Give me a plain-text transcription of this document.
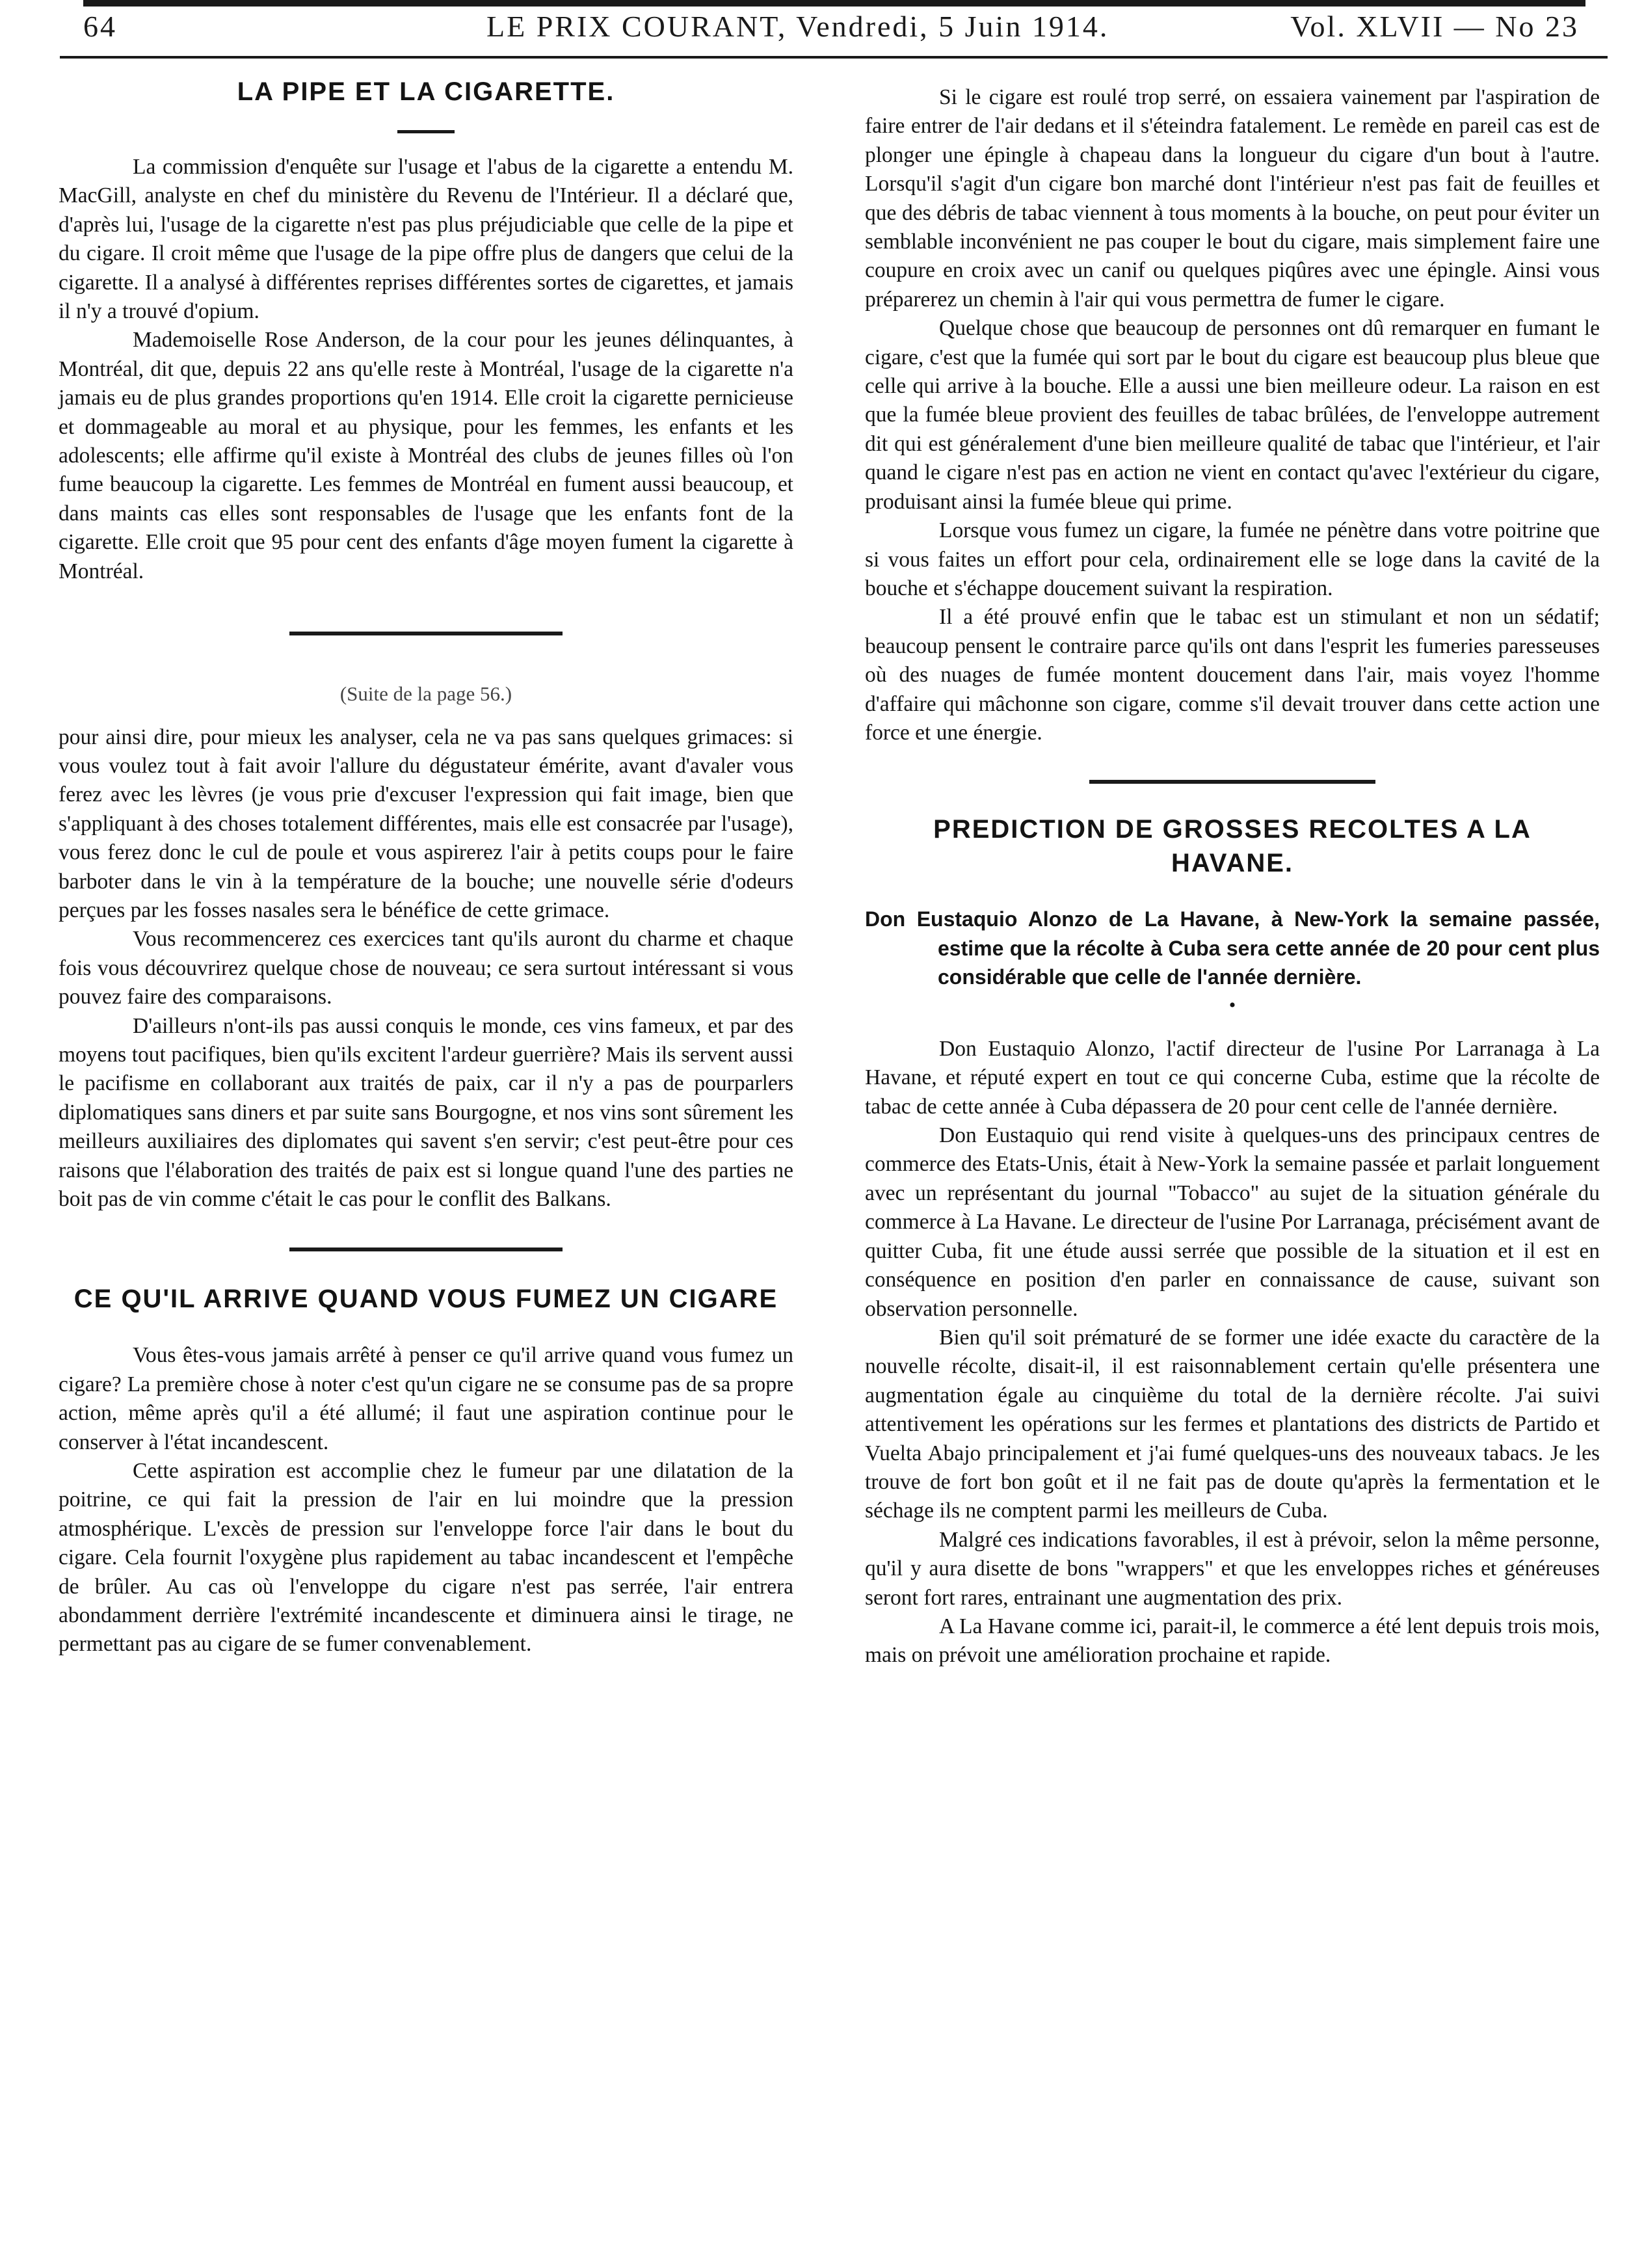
64	LE PRIX COURANT, Vendredi, 5 Juin 1914.	Vol. XLVII — No 23
LA PIPE ET LA CIGARETTE.

La commission d'enquête sur l'usage et l'abus de la cigarette a entendu M. MacGill, analyste en chef du ministère du Revenu de l'Intérieur. Il a déclaré que, d'après lui, l'usage de la cigarette n'est pas plus préjudiciable que celle de la pipe et du cigare. Il croit même que l'usage de la pipe offre plus de dangers que celui de la cigarette. Il a analysé à différentes reprises différentes sortes de cigarettes, et jamais il n'y a trouvé d'opium.

Mademoiselle Rose Anderson, de la cour pour les jeunes délinquantes, à Montréal, dit que, depuis 22 ans qu'elle reste à Montréal, l'usage de la cigarette n'a jamais eu de plus grandes proportions qu'en 1914. Elle croit la cigarette pernicieuse et dommageable au moral et au physique, pour les femmes, les enfants et les adolescents; elle affirme qu'il existe à Montréal des clubs de jeunes filles où l'on fume beaucoup la cigarette. Les femmes de Montréal en fument aussi beaucoup, et dans maints cas elles sont responsables de l'usage que les enfants font de la cigarette. Elle croit que 95 pour cent des enfants d'âge moyen fument la cigarette à Montréal.

(Suite de la page 56.)

pour ainsi dire, pour mieux les analyser, cela ne va pas sans quelques grimaces: si vous voulez tout à fait avoir l'allure du dégustateur émérite, avant d'avaler vous ferez avec les lèvres (je vous prie d'excuser l'expression qui fait image, bien que s'appliquant à des choses totalement différentes, mais elle est consacrée par l'usage), vous ferez donc le cul de poule et vous aspirerez l'air à petits coups pour le faire barboter dans le vin à la température de la bouche; une nouvelle série d'odeurs perçues par les fosses nasales sera le bénéfice de cette grimace.

Vous recommencerez ces exercices tant qu'ils auront du charme et chaque fois vous découvrirez quelque chose de nouveau; ce sera surtout intéressant si vous pouvez faire des comparaisons.

D'ailleurs n'ont-ils pas aussi conquis le monde, ces vins fameux, et par des moyens tout pacifiques, bien qu'ils excitent l'ardeur guerrière? Mais ils servent aussi le pacifisme en collaborant aux traités de paix, car il n'y a pas de pourparlers diplomatiques sans diners et par suite sans Bourgogne, et nos vins sont sûrement les meilleurs auxiliaires des diplomates qui savent s'en servir; c'est peut-être pour ces raisons que l'élaboration des traités de paix est si longue quand l'une des parties ne boit pas de vin comme c'était le cas pour le conflit des Balkans.

CE QU'IL ARRIVE QUAND VOUS FUMEZ UN CIGARE

Vous êtes-vous jamais arrêté à penser ce qu'il arrive quand vous fumez un cigare? La première chose à noter c'est qu'un cigare ne se consume pas de sa propre action, même après qu'il a été allumé; il faut une aspiration continue pour le conserver à l'état incandescent.

Cette aspiration est accomplie chez le fumeur par une dilatation de la poitrine, ce qui fait la pression de l'air en lui moindre que la pression atmosphérique. L'excès de pression sur l'enveloppe force l'air dans le bout du cigare. Cela fournit l'oxygène plus rapidement au tabac incandescent et l'empêche de brûler. Au cas où l'enveloppe du cigare n'est pas serrée, l'air entrera abondamment derrière l'extrémité incandescente et diminuera ainsi le tirage, ne permettant pas au cigare de se fumer convenablement.

Si le cigare est roulé trop serré, on essaiera vainement par l'aspiration de faire entrer de l'air dedans et il s'éteindra fatalement. Le remède en pareil cas est de plonger une épingle à chapeau dans la longueur du cigare d'un bout à l'autre. Lorsqu'il s'agit d'un cigare bon marché dont l'intérieur n'est pas fait de feuilles et que des débris de tabac viennent à tous moments à la bouche, on peut pour éviter un semblable inconvénient ne pas couper le bout du cigare, mais simplement faire une coupure en croix avec un canif ou quelques piqûres avec une épingle. Ainsi vous préparerez un chemin à l'air qui vous permettra de fumer le cigare.

Quelque chose que beaucoup de personnes ont dû remarquer en fumant le cigare, c'est que la fumée qui sort par le bout du cigare est beaucoup plus bleue que celle qui arrive à la bouche. Elle a aussi une bien meilleure odeur. La raison en est que la fumée bleue provient des feuilles de tabac brûlées, de l'enveloppe autrement dit qui est généralement d'une bien meilleure qualité de tabac que l'intérieur, et l'air quand le cigare n'est pas en action ne vient en contact qu'avec l'extérieur du cigare, produisant ainsi la fumée bleue qui prime.

Lorsque vous fumez un cigare, la fumée ne pénètre dans votre poitrine que si vous faites un effort pour cela, ordinairement elle se loge dans la cavité de la bouche et s'échappe doucement suivant la respiration.

Il a été prouvé enfin que le tabac est un stimulant et non un sédatif; beaucoup pensent le contraire parce qu'ils ont dans l'esprit les fumeries paresseuses où des nuages de fumée montent doucement dans l'air, mais voyez l'homme d'affaire qui mâchonne son cigare, comme s'il devait trouver dans cette action une force et une énergie.

PREDICTION DE GROSSES RECOLTES A LA HAVANE.

Don Eustaquio Alonzo de La Havane, à New-York la semaine passée, estime que la récolte à Cuba sera cette année de 20 pour cent plus considérable que celle de l'année dernière.

•

Don Eustaquio Alonzo, l'actif directeur de l'usine Por Larranaga à La Havane, et réputé expert en tout ce qui concerne Cuba, estime que la récolte de tabac de cette année à Cuba dépassera de 20 pour cent celle de l'année dernière.

Don Eustaquio qui rend visite à quelques-uns des principaux centres de commerce des Etats-Unis, était à New-York la semaine passée et parlait longuement avec un représentant du journal "Tobacco" au sujet de la situation générale du commerce à La Havane. Le directeur de l'usine Por Larranaga, précisément avant de quitter Cuba, fit une étude aussi serrée que possible de la situation et il est en conséquence en position d'en parler en connaissance de cause, suivant son observation personnelle.

Bien qu'il soit prématuré de se former une idée exacte du caractère de la nouvelle récolte, disait-il, il est raisonnablement certain qu'elle présentera une augmentation égale au cinquième du total de la dernière récolte. J'ai suivi attentivement les opérations sur les fermes et plantations des districts de Partido et Vuelta Abajo principalement et j'ai fumé quelques-uns des nouveaux tabacs. Je les trouve de fort bon goût et il ne fait pas de doute qu'après la fermentation et le séchage ils ne comptent parmi les meilleurs de Cuba.

Malgré ces indications favorables, il est à prévoir, selon la même personne, qu'il y aura disette de bons "wrappers" et que les enveloppes riches et généreuses seront fort rares, entrainant une augmentation des prix.

A La Havane comme ici, parait-il, le commerce a été lent depuis trois mois, mais on prévoit une amélioration prochaine et rapide.
